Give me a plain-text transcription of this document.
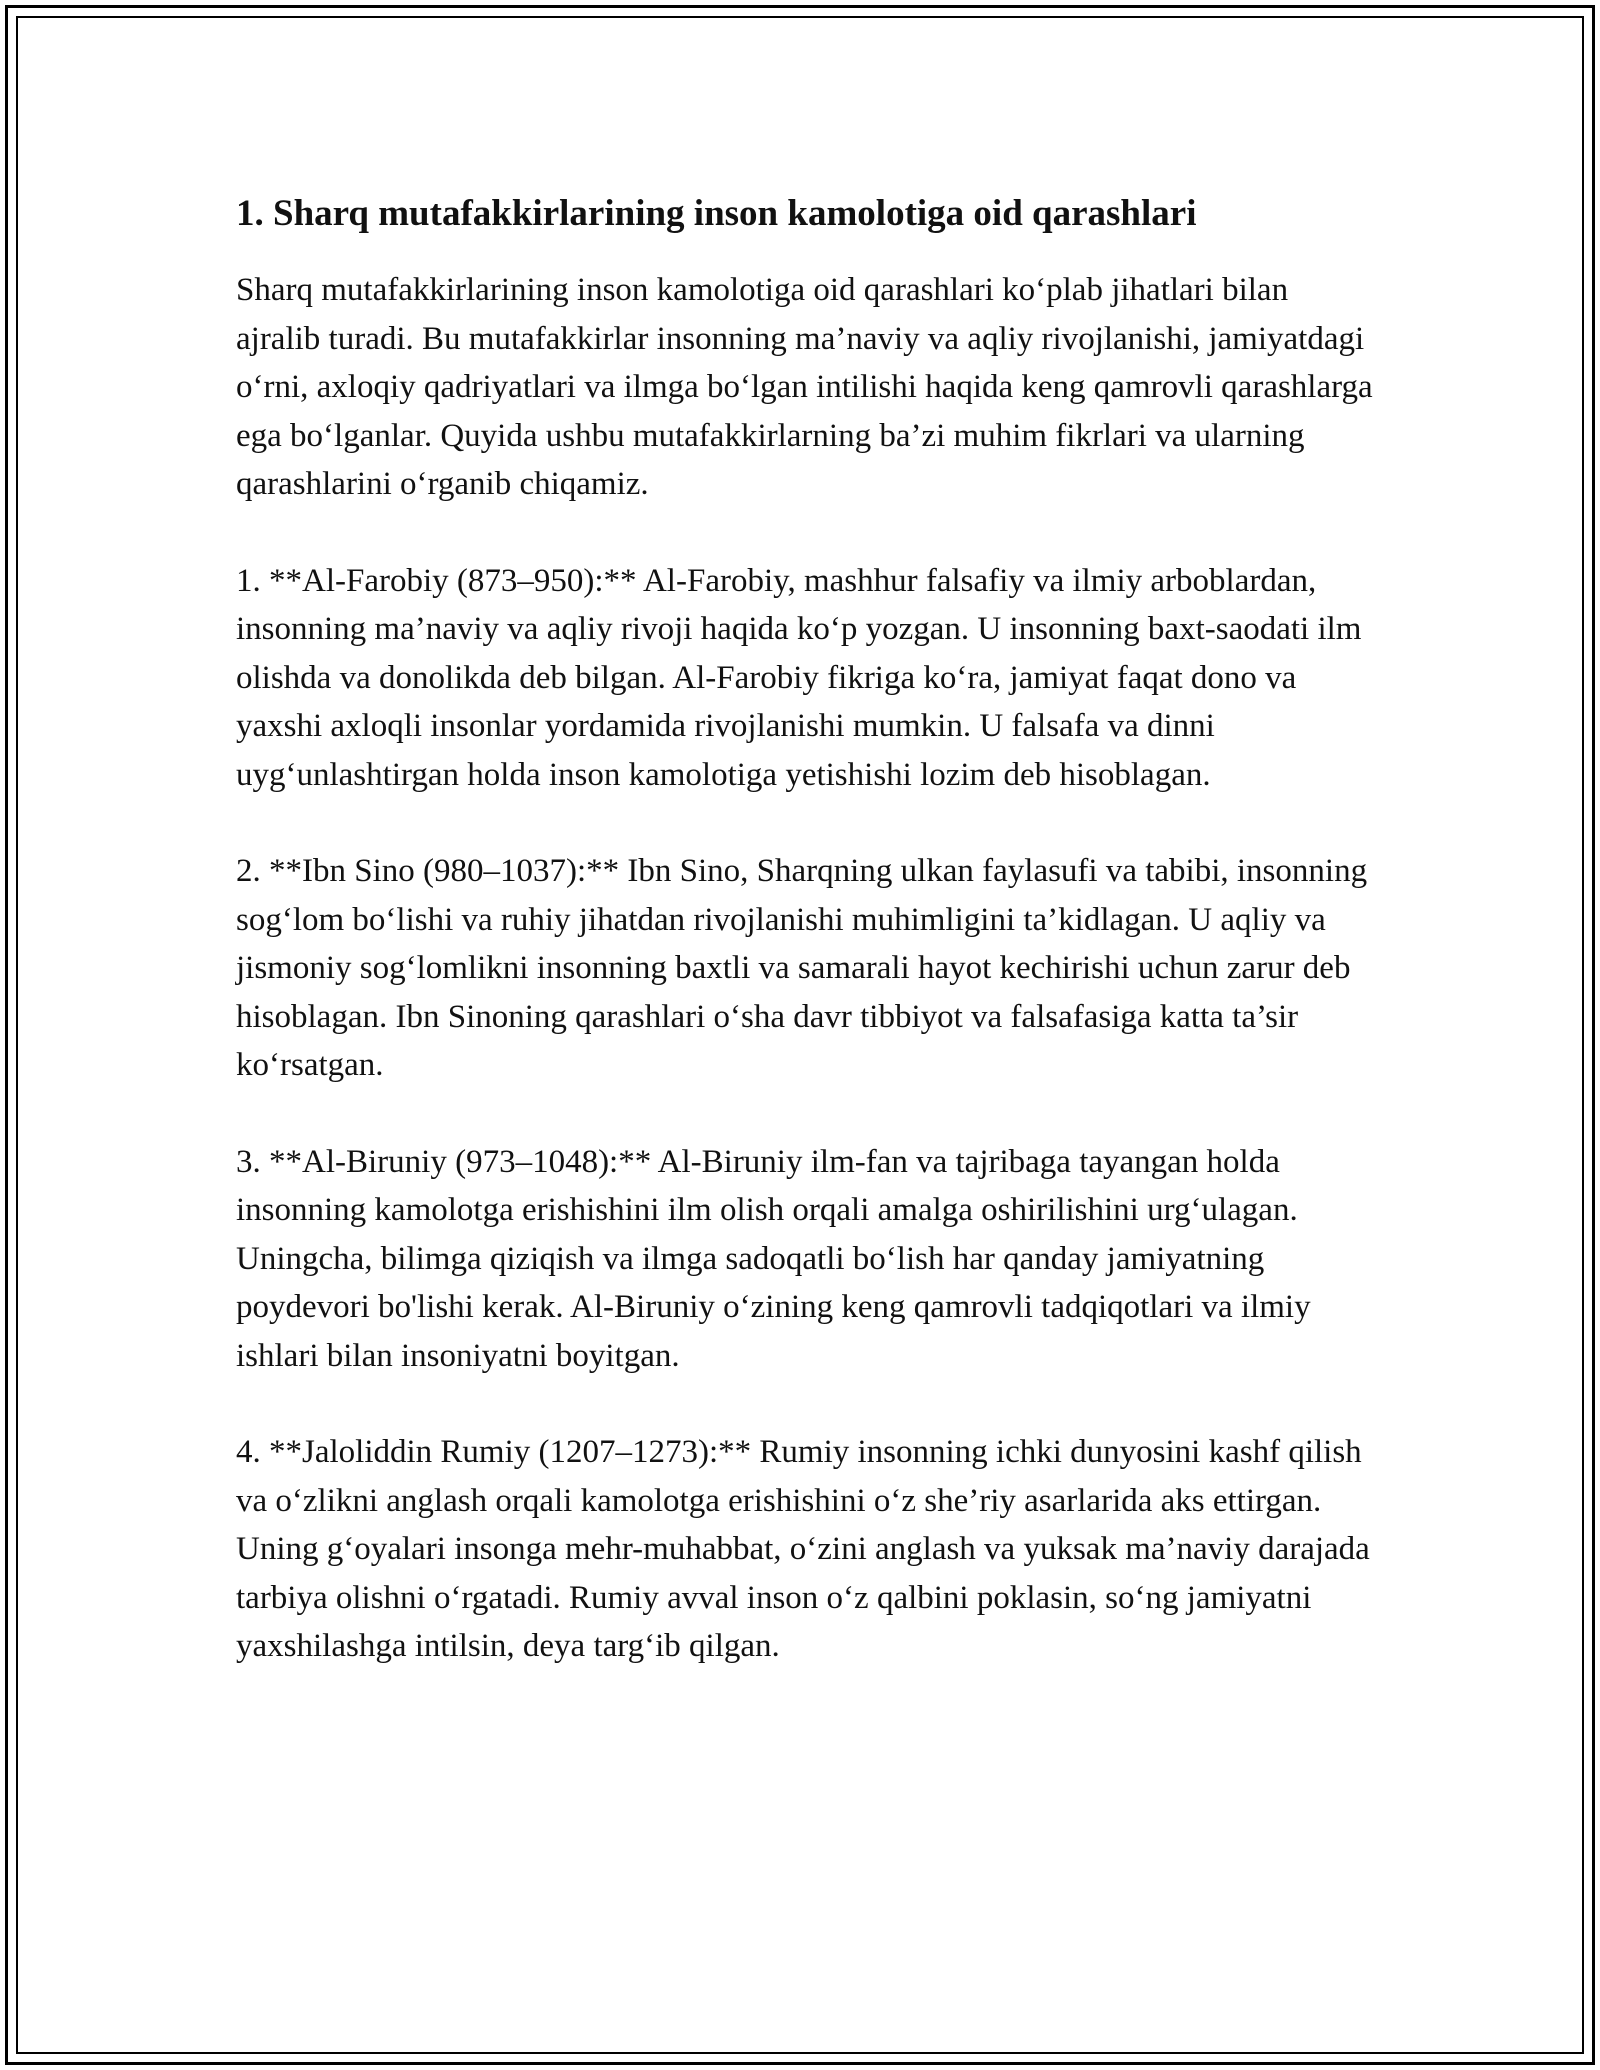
1. Sharq mutafakkirlarining inson kamolotiga oid qarashlari

Sharq mutafakkirlarining inson kamolotiga oid qarashlari ko‘plab jihatlari bilan ajralib turadi. Bu mutafakkirlar insonning ma’naviy va aqliy rivojlanishi, jamiyatdagi o‘rni, axloqiy qadriyatlari va ilmga bo‘lgan intilishi haqida keng qamrovli qarashlarga ega bo‘lganlar. Quyida ushbu mutafakkirlarning ba’zi muhim fikrlari va ularning qarashlarini o‘rganib chiqamiz.

1. **Al-Farobiy (873–950):** Al-Farobiy, mashhur falsafiy va ilmiy arboblardan, insonning ma’naviy va aqliy rivoji haqida ko‘p yozgan. U insonning baxt-saodati ilm olishda va donolikda deb bilgan. Al-Farobiy fikriga ko‘ra, jamiyat faqat dono va yaxshi axloqli insonlar yordamida rivojlanishi mumkin. U falsafa va dinni uyg‘unlashtirgan holda inson kamolotiga yetishishi lozim deb hisoblagan.

2. **Ibn Sino (980–1037):** Ibn Sino, Sharqning ulkan faylasufi va tabibi, insonning sog‘lom bo‘lishi va ruhiy jihatdan rivojlanishi muhimligini ta’kidlagan. U aqliy va jismoniy sog‘lomlikni insonning baxtli va samarali hayot kechirishi uchun zarur deb hisoblagan. Ibn Sinoning qarashlari o‘sha davr tibbiyot va falsafasiga katta ta’sir ko‘rsatgan.

3. **Al-Biruniy (973–1048):** Al-Biruniy ilm-fan va tajribaga tayangan holda insonning kamolotga erishishini ilm olish orqali amalga oshirilishini urg‘ulagan. Uningcha, bilimga qiziqish va ilmga sadoqatli bo‘lish har qanday jamiyatning poydevori bo'lishi kerak. Al-Biruniy o‘zining keng qamrovli tadqiqotlari va ilmiy ishlari bilan insoniyatni boyitgan.

4. **Jaloliddin Rumiy (1207–1273):** Rumiy insonning ichki dunyosini kashf qilish va o‘zlikni anglash orqali kamolotga erishishini o‘z she’riy asarlarida aks ettirgan. Uning g‘oyalari insonga mehr-muhabbat, o‘zini anglash va yuksak ma’naviy darajada tarbiya olishni o‘rgatadi. Rumiy avval inson o‘z qalbini poklasin, so‘ng jamiyatni yaxshilashga intilsin, deya targ‘ib qilgan.
